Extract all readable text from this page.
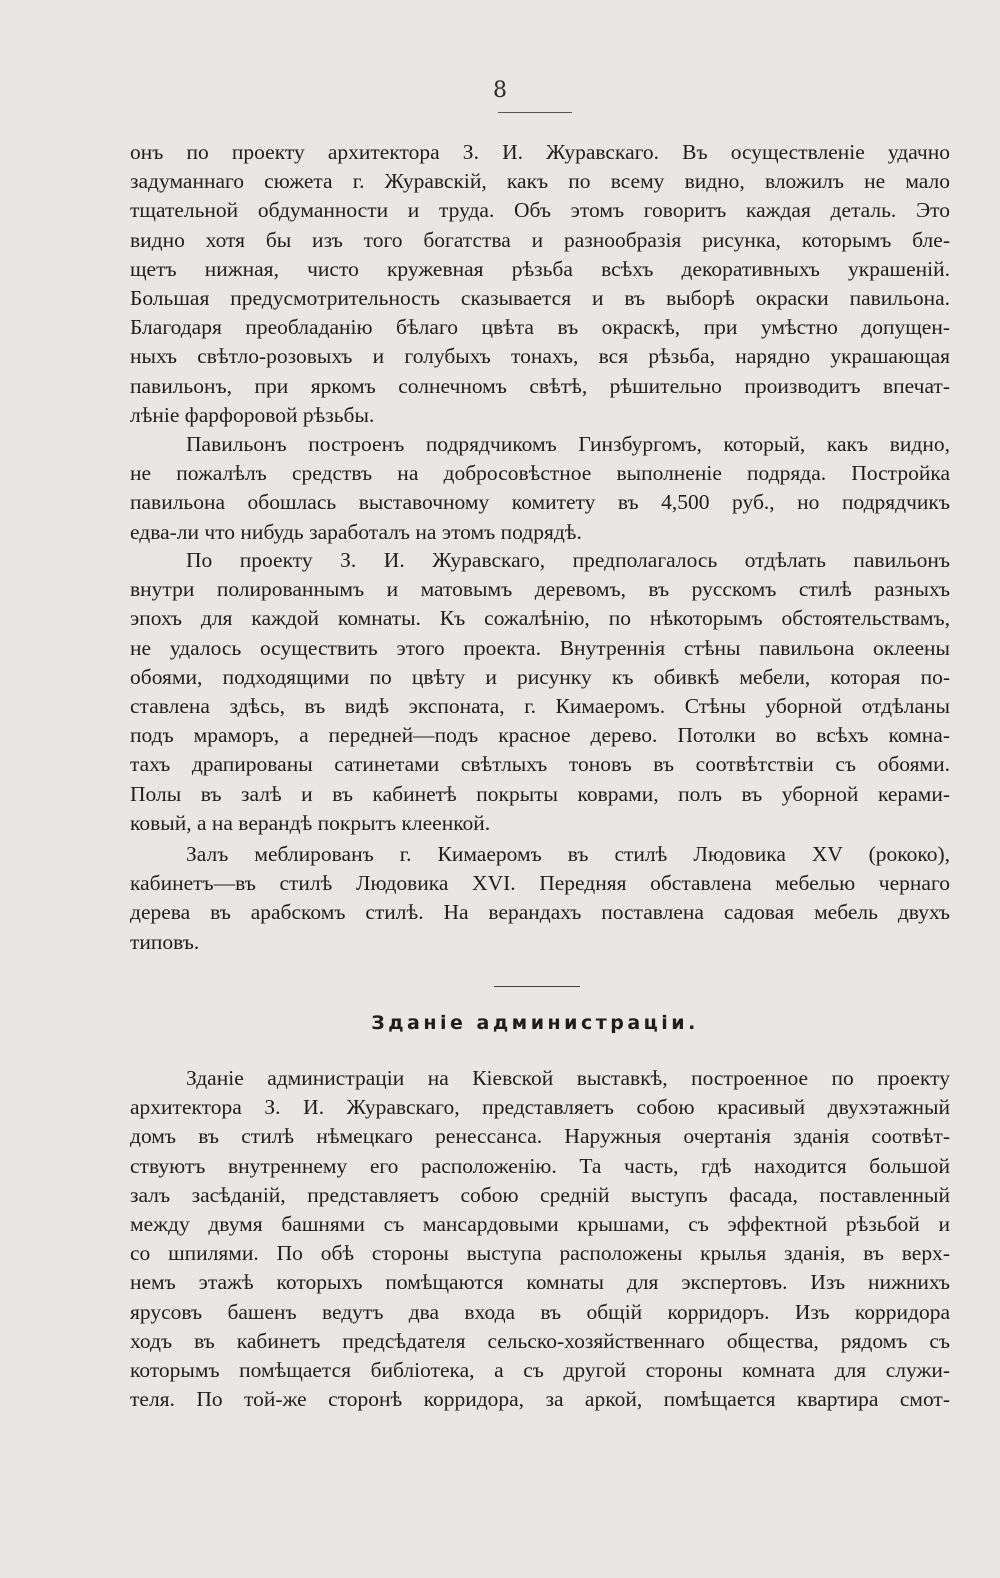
8
онъ по проекту архитектора З. И. Журавскаго. Въ осуществленіе удачно
задуманнаго сюжета г. Журавскій, какъ по всему видно, вложилъ не мало
тщательной обдуманности и труда. Объ этомъ говоритъ каждая деталь. Это
видно хотя бы изъ того богатства и разнообразія рисунка, которымъ бле-
щетъ нижная, чисто кружевная рѣзьба всѣхъ декоративныхъ украшеній.
Большая предусмотрительность сказывается и въ выборѣ окраски павильона.
Благодаря преобладанію бѣлаго цвѣта въ окраскѣ, при умѣстно допущен-
ныхъ свѣтло-розовыхъ и голубыхъ тонахъ, вся рѣзьба, нарядно украшающая
павильонъ, при яркомъ солнечномъ свѣтѣ, рѣшительно производитъ впечат-
лѣніе фарфоровой рѣзьбы.
Павильонъ построенъ подрядчикомъ Гинзбургомъ, который, какъ видно,
не пожалѣлъ средствъ на добросовѣстное выполненіе подряда. Постройка
павильона обошлась выставочному комитету въ 4,500 руб., но подрядчикъ
едва-ли что нибудь заработалъ на этомъ подрядѣ.
По проекту З. И. Журавскаго, предполагалось отдѣлать павильонъ
внутри полированнымъ и матовымъ деревомъ, въ русскомъ стилѣ разныхъ
эпохъ для каждой комнаты. Къ сожалѣнію, по нѣкоторымъ обстоятельствамъ,
не удалось осуществить этого проекта. Внутреннія стѣны павильона оклеены
обоями, подходящими по цвѣту и рисунку къ обивкѣ мебели, которая по-
ставлена здѣсь, въ видѣ экспоната, г. Кимаеромъ. Стѣны уборной отдѣланы
подъ мраморъ, а передней—подъ красное дерево. Потолки во всѣхъ комна-
тахъ драпированы сатинетами свѣтлыхъ тоновъ въ соотвѣтствіи съ обоями.
Полы въ залѣ и въ кабинетѣ покрыты коврами, полъ въ уборной керами-
ковый, а на верандѣ покрытъ клеенкой.
Залъ меблированъ г. Кимаеромъ въ стилѣ Людовика XV (рококо),
кабинетъ—въ стилѣ Людовика XVI. Передняя обставлена мебелью чернаго
дерева въ арабскомъ стилѣ. На верандахъ поставлена садовая мебель двухъ
типовъ.
Зданіе администраціи.
Зданіе администраціи на Кіевской выставкѣ, построенное по проекту
архитектора З. И. Журавскаго, представляетъ собою красивый двухэтажный
домъ въ стилѣ нѣмецкаго ренессанса. Наружныя очертанія зданія соотвѣт-
ствуютъ внутреннему его расположенію. Та часть, гдѣ находится большой
залъ засѣданій, представляетъ собою средній выступъ фасада, поставленный
между двумя башнями съ мансардовыми крышами, съ эффектной рѣзьбой и
со шпилями. По обѣ стороны выступа расположены крылья зданія, въ верх-
немъ этажѣ которыхъ помѣщаются комнаты для экспертовъ. Изъ нижнихъ
ярусовъ башенъ ведутъ два входа въ общій корридоръ. Изъ корридора
ходъ въ кабинетъ предсѣдателя сельско-хозяйственнаго общества, рядомъ съ
которымъ помѣщается библіотека, а съ другой стороны комната для служи-
теля. По той-же сторонѣ корридора, за аркой, помѣщается квартира смот-
